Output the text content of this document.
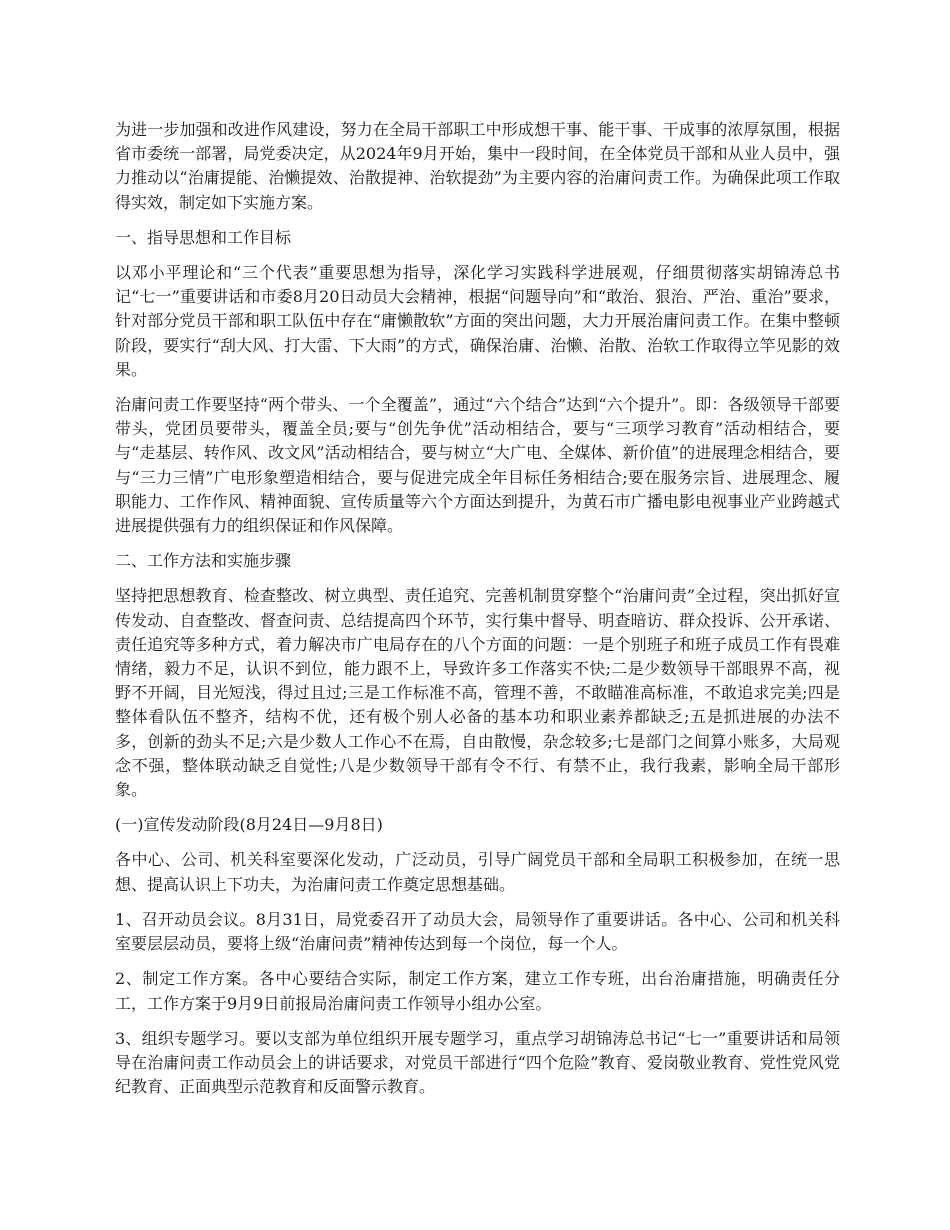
为进一步加强和改进作风建设，努力在全局干部职工中形成想干事、能干事、干成事的浓厚氛围，根据省市委统一部署，局党委决定，从2024年9月开始，集中一段时间，在全体党员干部和从业人员中，强力推动以“治庸提能、治懒提效、治散提神、治软提劲”为主要内容的治庸问责工作。为确保此项工作取得实效，制定如下实施方案。

一、指导思想和工作目标

以邓小平理论和“三个代表”重要思想为指导，深化学习实践科学进展观，仔细贯彻落实胡锦涛总书记“七一”重要讲话和市委8月20日动员大会精神，根据“问题导向”和“敢治、狠治、严治、重治”要求，针对部分党员干部和职工队伍中存在“庸懒散软”方面的突出问题，大力开展治庸问责工作。在集中整顿阶段，要实行“刮大风、打大雷、下大雨”的方式，确保治庸、治懒、治散、治软工作取得立竿见影的效果。

治庸问责工作要坚持“两个带头、一个全覆盖”，通过“六个结合”达到“六个提升”。即：各级领导干部要带头，党团员要带头，覆盖全员;要与“创先争优”活动相结合，要与“三项学习教育”活动相结合，要与“走基层、转作风、改文风”活动相结合，要与树立“大广电、全媒体、新价值”的进展理念相结合，要与“三力三情”广电形象塑造相结合，要与促进完成全年目标任务相结合;要在服务宗旨、进展理念、履职能力、工作作风、精神面貌、宣传质量等六个方面达到提升，为黄石市广播电影电视事业产业跨越式进展提供强有力的组织保证和作风保障。

二、工作方法和实施步骤

坚持把思想教育、检查整改、树立典型、责任追究、完善机制贯穿整个“治庸问责”全过程，突出抓好宣传发动、自查整改、督查问责、总结提高四个环节，实行集中督导、明查暗访、群众投诉、公开承诺、责任追究等多种方式，着力解决市广电局存在的八个方面的问题：一是个别班子和班子成员工作有畏难情绪，毅力不足，认识不到位，能力跟不上，导致许多工作落实不快;二是少数领导干部眼界不高，视野不开阔，目光短浅，得过且过;三是工作标准不高，管理不善，不敢瞄准高标准，不敢追求完美;四是整体看队伍不整齐，结构不优，还有极个别人必备的基本功和职业素养都缺乏;五是抓进展的办法不多，创新的劲头不足;六是少数人工作心不在焉，自由散慢，杂念较多;七是部门之间算小账多，大局观念不强，整体联动缺乏自觉性;八是少数领导干部有令不行、有禁不止，我行我素，影响全局干部形象。

(一)宣传发动阶段(8月24日—9月8日)

各中心、公司、机关科室要深化发动，广泛动员，引导广阔党员干部和全局职工积极参加，在统一思想、提高认识上下功夫，为治庸问责工作奠定思想基础。

1、召开动员会议。8月31日，局党委召开了动员大会，局领导作了重要讲话。各中心、公司和机关科室要层层动员，要将上级“治庸问责”精神传达到每一个岗位，每一个人。

2、制定工作方案。各中心要结合实际，制定工作方案，建立工作专班，出台治庸措施，明确责任分工，工作方案于9月9日前报局治庸问责工作领导小组办公室。

3、组织专题学习。要以支部为单位组织开展专题学习，重点学习胡锦涛总书记“七一”重要讲话和局领导在治庸问责工作动员会上的讲话要求，对党员干部进行“四个危险”教育、爱岗敬业教育、党性党风党纪教育、正面典型示范教育和反面警示教育。
